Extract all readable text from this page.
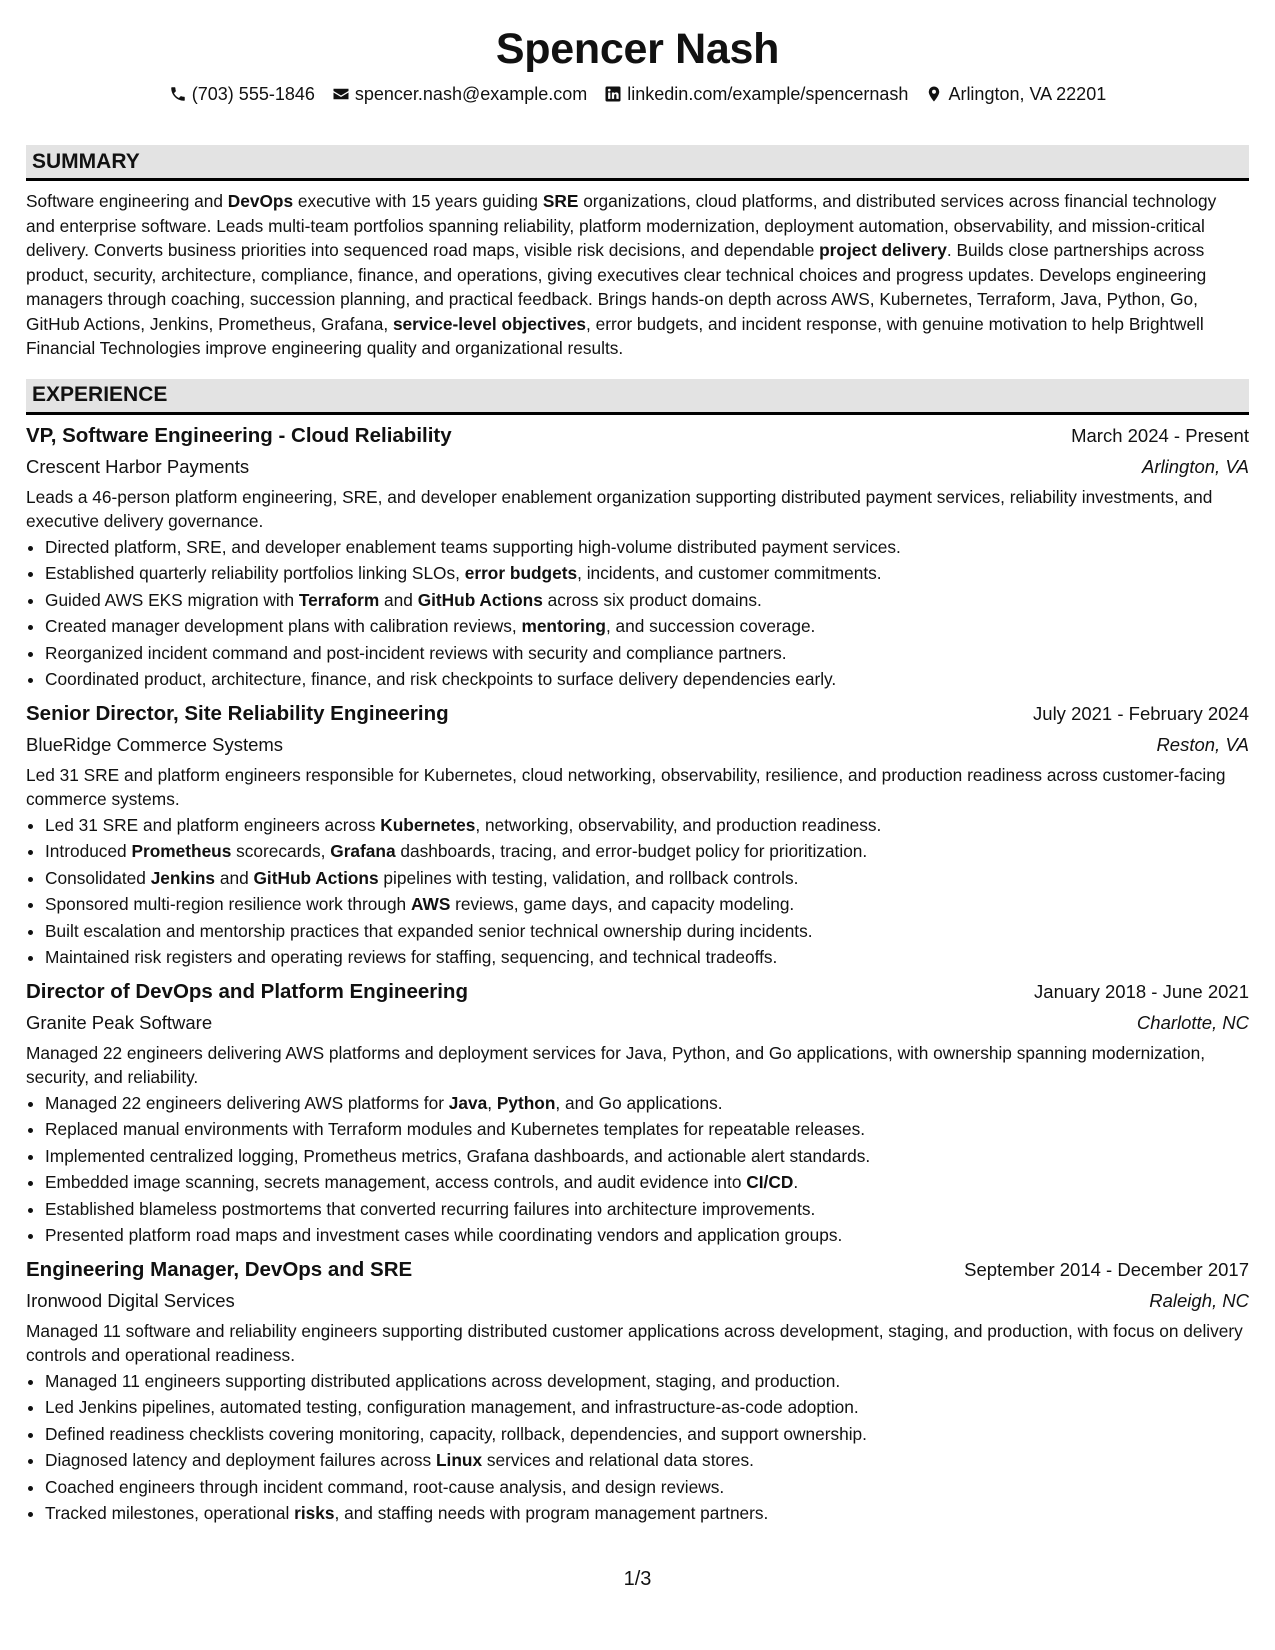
Spencer Nash
(703) 555-1846 spencer.nash@example.com linkedin.com/example/spencernash Arlington, VA 22201
SUMMARY
Software engineering and DevOps executive with 15 years guiding SRE organizations, cloud platforms, and distributed services across financial technology and enterprise software. Leads multi-team portfolios spanning reliability, platform modernization, deployment automation, observability, and mission-critical delivery. Converts business priorities into sequenced road maps, visible risk decisions, and dependable project delivery. Builds close partnerships across product, security, architecture, compliance, finance, and operations, giving executives clear technical choices and progress updates. Develops engineering managers through coaching, succession planning, and practical feedback. Brings hands-on depth across AWS, Kubernetes, Terraform, Java, Python, Go, GitHub Actions, Jenkins, Prometheus, Grafana, service-level objectives, error budgets, and incident response, with genuine motivation to help Brightwell Financial Technologies improve engineering quality and organizational results.
EXPERIENCE
VP, Software Engineering - Cloud Reliability	March 2024 - Present
Crescent Harbor Payments	Arlington, VA
Leads a 46-person platform engineering, SRE, and developer enablement organization supporting distributed payment services, reliability investments, and executive delivery governance.
• Directed platform, SRE, and developer enablement teams supporting high-volume distributed payment services.
• Established quarterly reliability portfolios linking SLOs, error budgets, incidents, and customer commitments.
• Guided AWS EKS migration with Terraform and GitHub Actions across six product domains.
• Created manager development plans with calibration reviews, mentoring, and succession coverage.
• Reorganized incident command and post-incident reviews with security and compliance partners.
• Coordinated product, architecture, finance, and risk checkpoints to surface delivery dependencies early.
Senior Director, Site Reliability Engineering	July 2021 - February 2024
BlueRidge Commerce Systems	Reston, VA
Led 31 SRE and platform engineers responsible for Kubernetes, cloud networking, observability, resilience, and production readiness across customer-facing commerce systems.
• Led 31 SRE and platform engineers across Kubernetes, networking, observability, and production readiness.
• Introduced Prometheus scorecards, Grafana dashboards, tracing, and error-budget policy for prioritization.
• Consolidated Jenkins and GitHub Actions pipelines with testing, validation, and rollback controls.
• Sponsored multi-region resilience work through AWS reviews, game days, and capacity modeling.
• Built escalation and mentorship practices that expanded senior technical ownership during incidents.
• Maintained risk registers and operating reviews for staffing, sequencing, and technical tradeoffs.
Director of DevOps and Platform Engineering	January 2018 - June 2021
Granite Peak Software	Charlotte, NC
Managed 22 engineers delivering AWS platforms and deployment services for Java, Python, and Go applications, with ownership spanning modernization, security, and reliability.
• Managed 22 engineers delivering AWS platforms for Java, Python, and Go applications.
• Replaced manual environments with Terraform modules and Kubernetes templates for repeatable releases.
• Implemented centralized logging, Prometheus metrics, Grafana dashboards, and actionable alert standards.
• Embedded image scanning, secrets management, access controls, and audit evidence into CI/CD.
• Established blameless postmortems that converted recurring failures into architecture improvements.
• Presented platform road maps and investment cases while coordinating vendors and application groups.
Engineering Manager, DevOps and SRE	September 2014 - December 2017
Ironwood Digital Services	Raleigh, NC
Managed 11 software and reliability engineers supporting distributed customer applications across development, staging, and production, with focus on delivery controls and operational readiness.
• Managed 11 engineers supporting distributed applications across development, staging, and production.
• Led Jenkins pipelines, automated testing, configuration management, and infrastructure-as-code adoption.
• Defined readiness checklists covering monitoring, capacity, rollback, dependencies, and support ownership.
• Diagnosed latency and deployment failures across Linux services and relational data stores.
• Coached engineers through incident command, root-cause analysis, and design reviews.
• Tracked milestones, operational risks, and staffing needs with program management partners.
1/3
